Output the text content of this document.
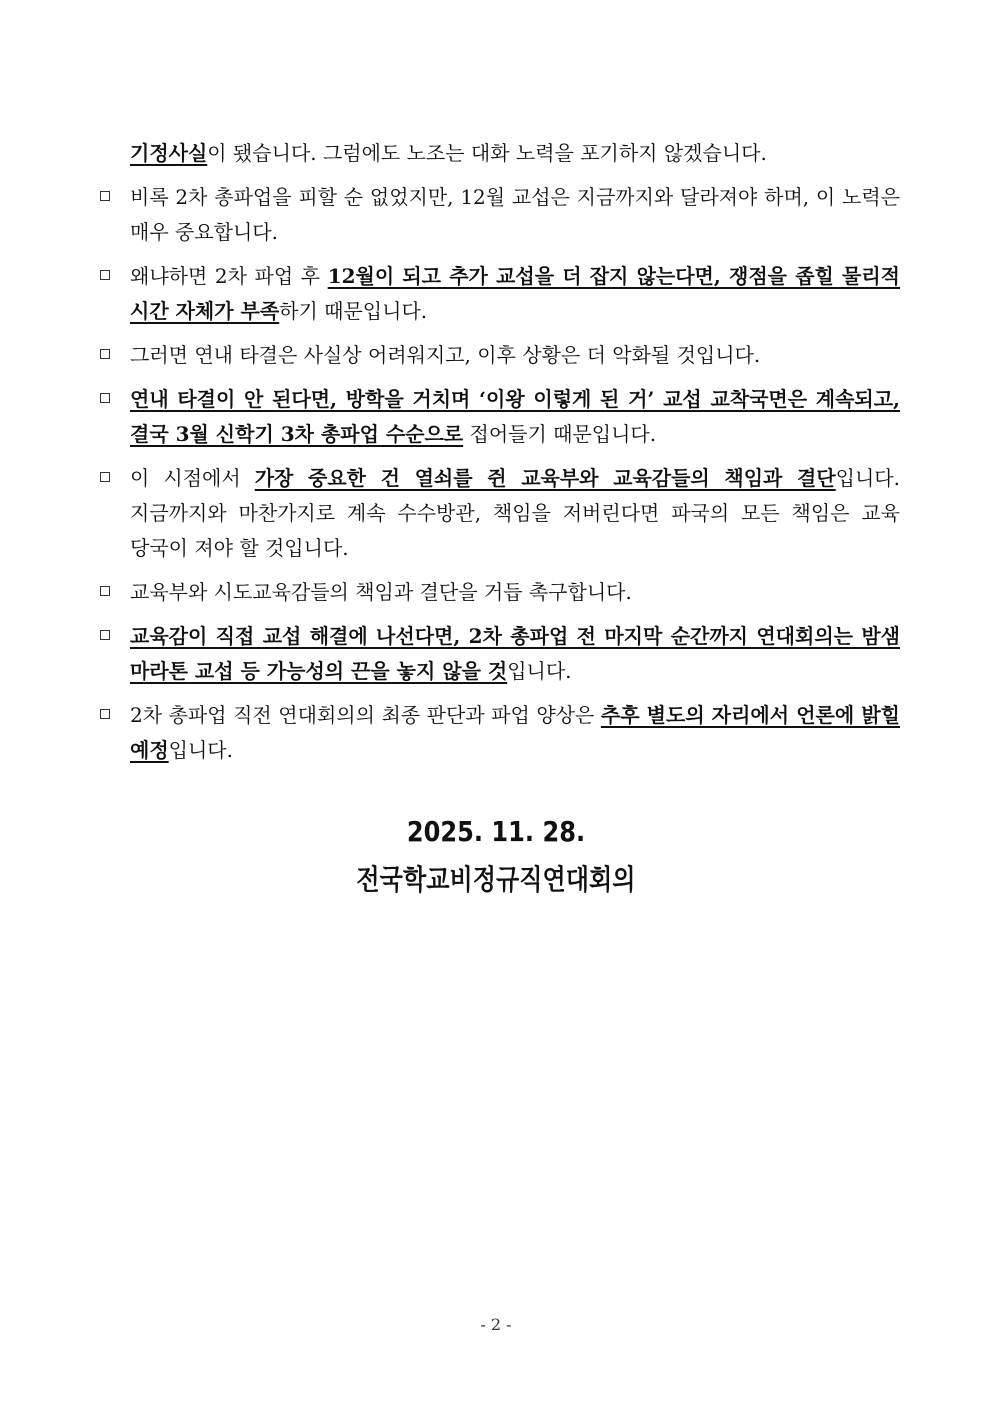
기정사실이 됐습니다. 그럼에도 노조는 대화 노력을 포기하지 않겠습니다.
비록 2차 총파업을 피할 순 없었지만, 12월 교섭은 지금까지와 달라져야 하며, 이 노력은 매우 중요합니다.
왜냐하면 2차 파업 후 12월이 되고 추가 교섭을 더 잡지 않는다면, 쟁점을 좁힐 물리적 시간 자체가 부족하기 때문입니다.
그러면 연내 타결은 사실상 어려워지고, 이후 상황은 더 악화될 것입니다.
연내 타결이 안 된다면, 방학을 거치며 ‘이왕 이렇게 된 거’ 교섭 교착국면은 계속되고, 결국 3월 신학기 3차 총파업 수순으로 접어들기 때문입니다.
이 시점에서 가장 중요한 건 열쇠를 쥔 교육부와 교육감들의 책임과 결단입니다. 지금까지와 마찬가지로 계속 수수방관, 책임을 저버린다면 파국의 모든 책임은 교육 당국이 져야 할 것입니다.
교육부와 시도교육감들의 책임과 결단을 거듭 촉구합니다.
교육감이 직접 교섭 해결에 나선다면, 2차 총파업 전 마지막 순간까지 연대회의는 밤샘 마라톤 교섭 등 가능성의 끈을 놓지 않을 것입니다.
2차 총파업 직전 연대회의의 최종 판단과 파업 양상은 추후 별도의 자리에서 언론에 밝힐 예정입니다.
2025. 11. 28.
전국학교비정규직연대회의
- 2 -
